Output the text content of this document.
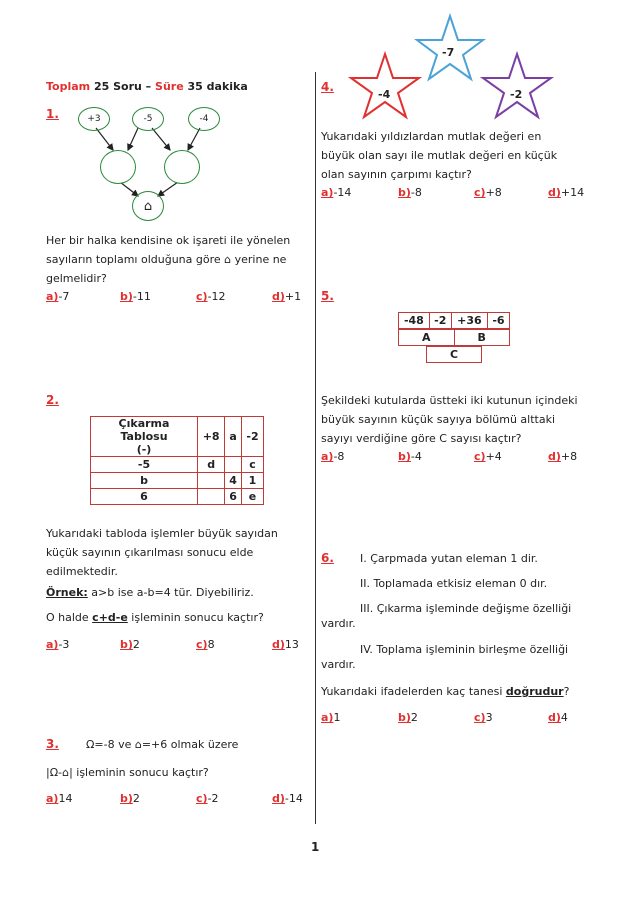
Toplam 25 Soru – Süre 35 dakika
1.	+3	-5	-4
⌂
Her bir halka kendisine ok işareti ile yönelen
sayıların toplamı olduğuna göre ⌂ yerine ne
gelmelidir?
a)-7	b)-11	c)-12	d)+1
2.
Çıkarma Tablosu
(-)	+8	a	-2
-5	d		c
b		4	1
6		6	e
Yukarıdaki tabloda işlemler büyük sayıdan
küçük sayının çıkarılması sonucu elde
edilmektedir.
Örnek: a>b ise a-b=4 tür. Diyebiliriz.
O halde c+d-e işleminin sonucu kaçtır?
a)-3	b)2	c)8	d)13
3. Ω=-8 ve ⌂=+6 olmak üzere
|Ω-⌂| işleminin sonucu kaçtır?
a)14	b)2	c)-2	d)-14
4.
-7
-4	-2
Yukarıdaki yıldızlardan mutlak değeri en
büyük olan sayı ile mutlak değeri en küçük
olan sayının çarpımı kaçtır?
a)-14	b)-8	c)+8	d)+14
5.
-48	-2	+36	-6
A	B
C
Şekildeki kutularda üstteki iki kutunun içindeki
büyük sayının küçük sayıya bölümü alttaki
sayıyı verdiğine göre C sayısı kaçtır?
a)-8	b)-4	c)+4	d)+8
6. I. Çarpmada yutan eleman 1 dir.
II. Toplamada etkisiz eleman 0 dır.
III. Çıkarma işleminde değişme özelliği
vardır.
IV. Toplama işleminin birleşme özelliği
vardır.
Yukarıdaki ifadelerden kaç tanesi doğrudur?
a)1	b)2	c)3	d)4
1
